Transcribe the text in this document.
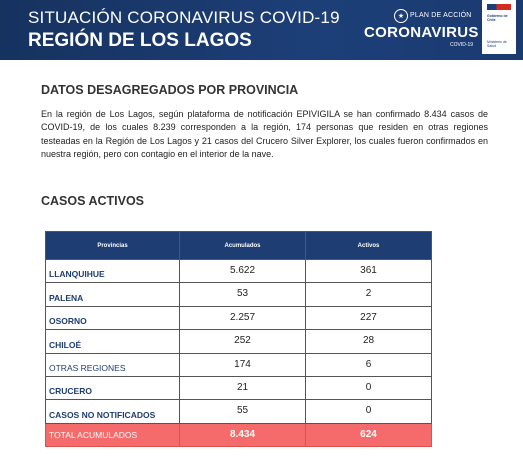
SITUACIÓN CORONAVIRUS COVID-19
REGIÓN DE LOS LAGOS
★ PLAN DE ACCIÓN
CORONAVIRUS
COVID-19
Gobierno de Chile
Ministerio de Salud
DATOS DESAGREGADOS POR PROVINCIA
En la región de Los Lagos, según plataforma de notificación EPIVIGILA se han confirmado 8.434 casos de COVID-19, de los cuales 8.239 corresponden a la región, 174 personas que residen en otras regiones testeadas en la Región de Los Lagos y 21 casos del Crucero Silver Explorer, los cuales fueron confirmados en nuestra región, pero con contagio en el interior de la nave.
CASOS ACTIVOS
Provincias	Acumulados	Activos
LLANQUIHUE	5.622	361
PALENA	53	2
OSORNO	2.257	227
CHILOÉ	252	28
OTRAS REGIONES	174	6
CRUCERO	21	0
CASOS NO NOTIFICADOS	55	0
TOTAL ACUMULADOS	8.434	624
